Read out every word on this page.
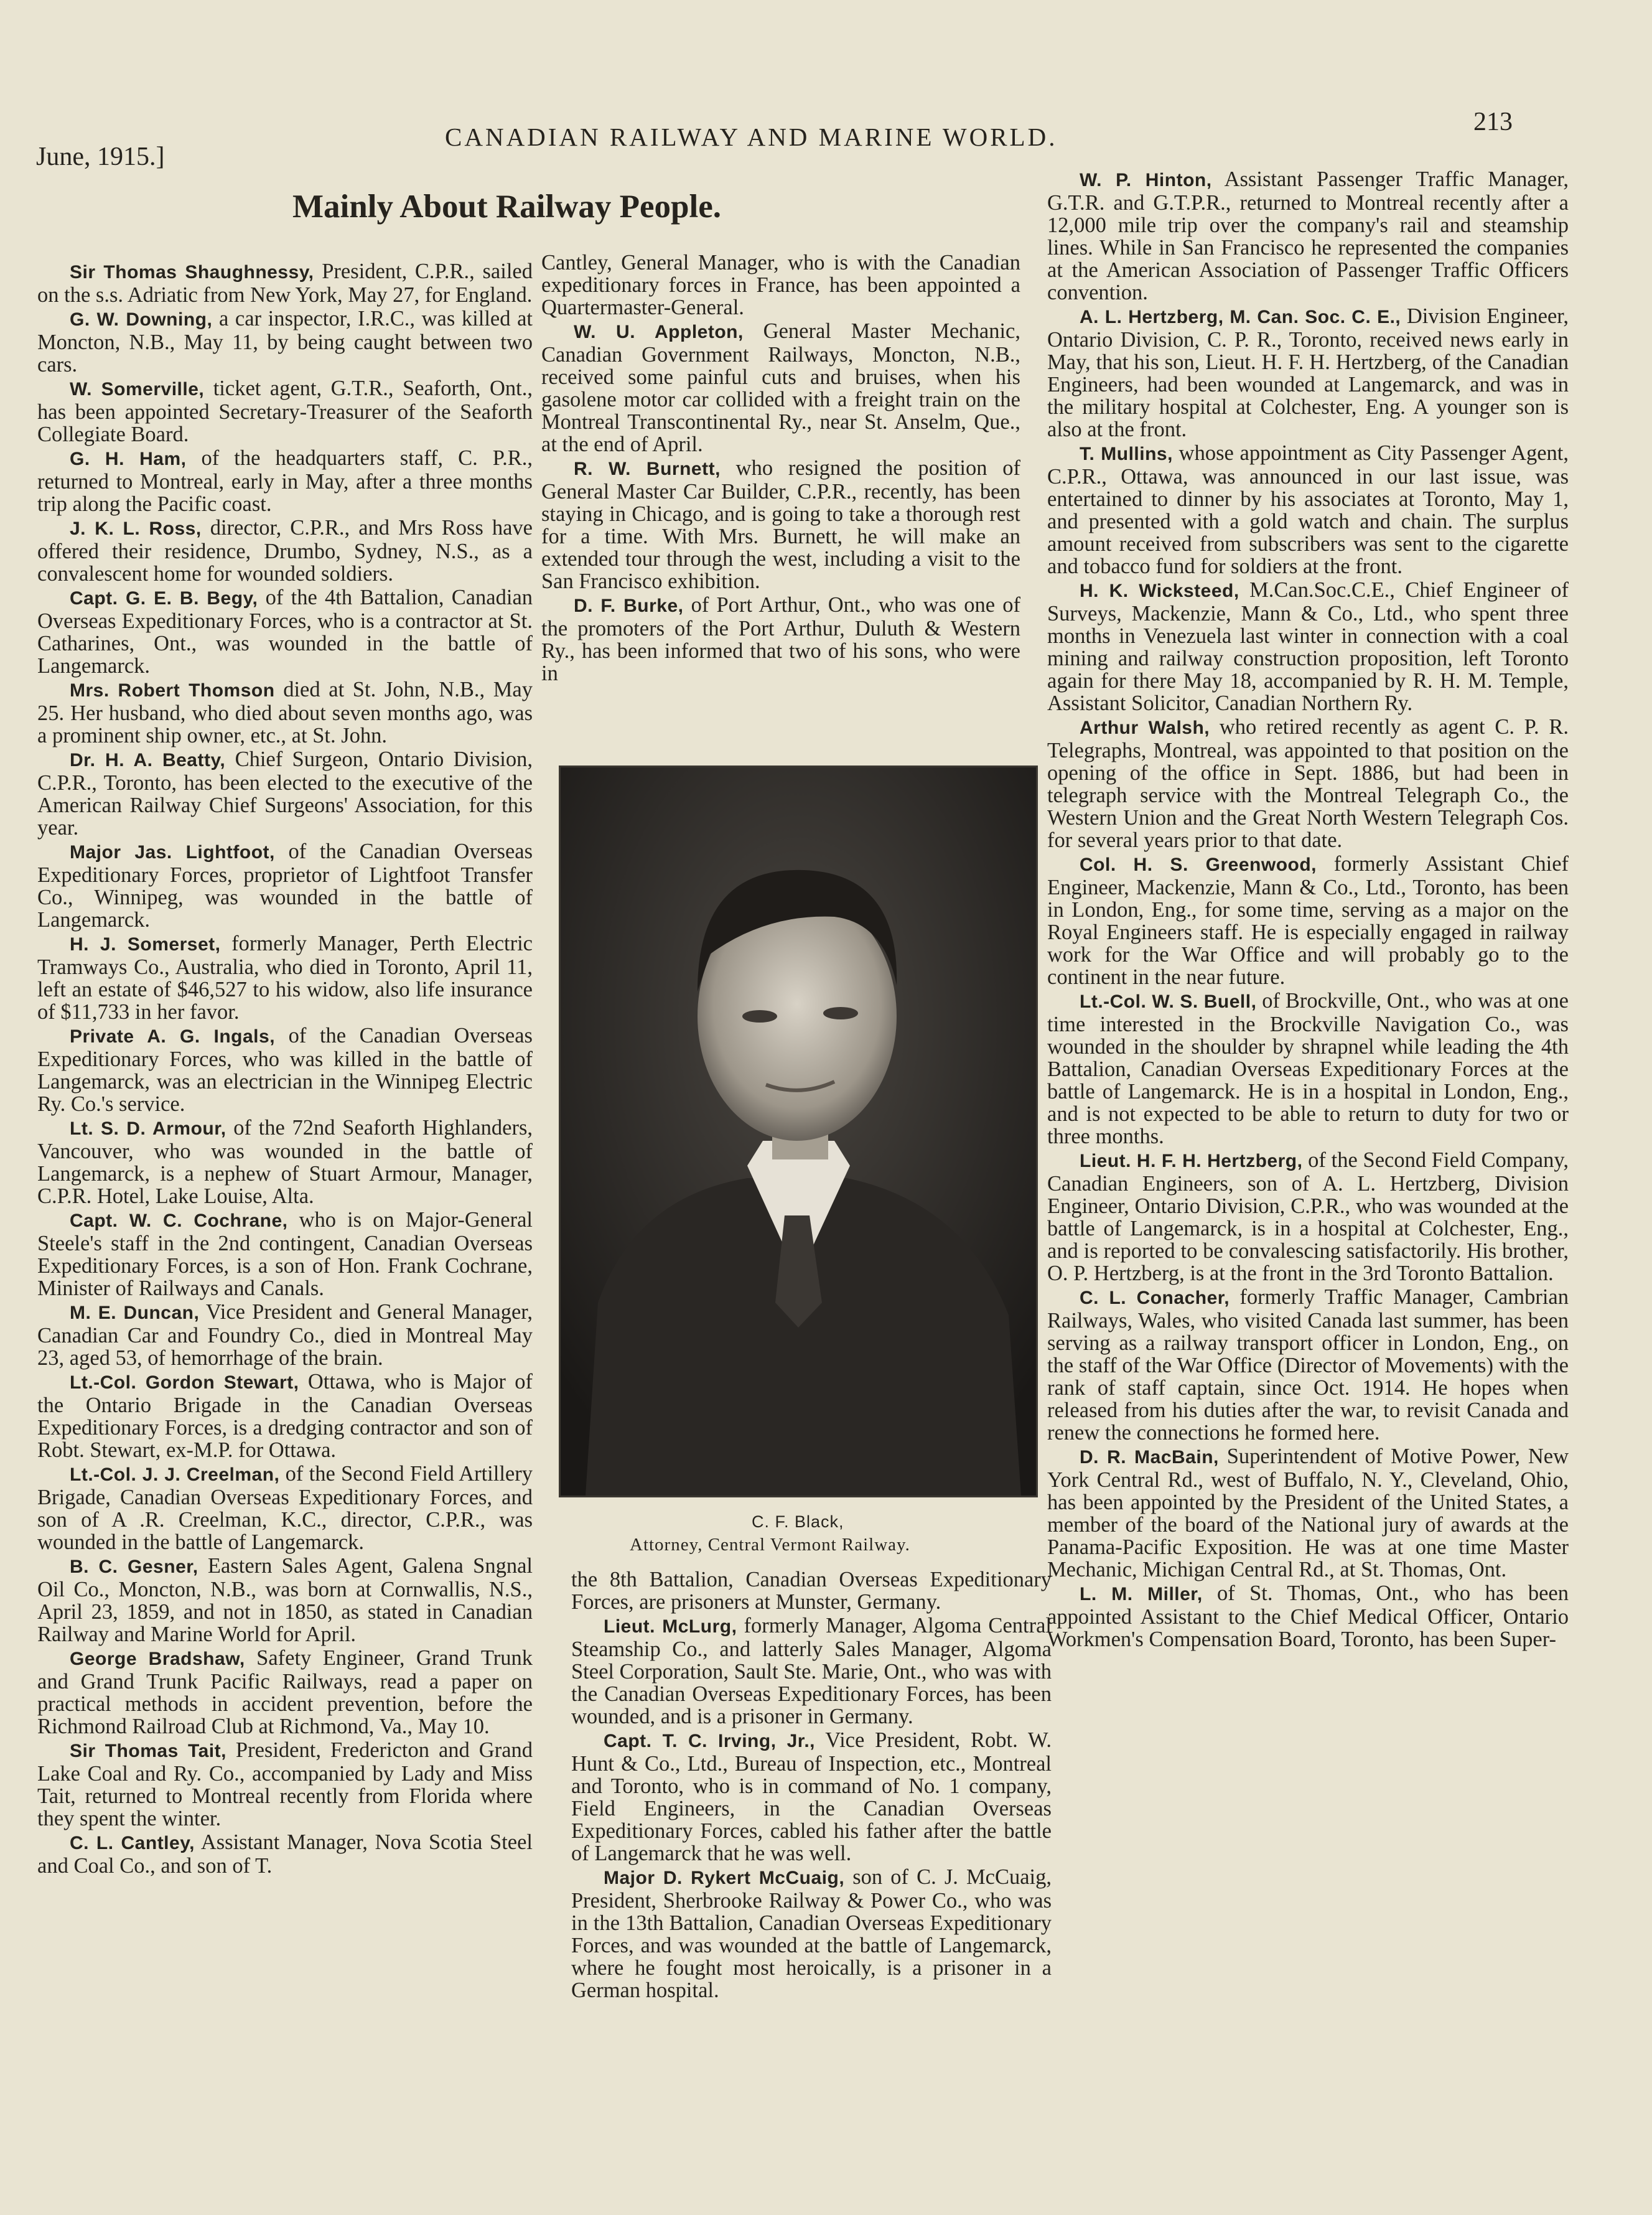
June, 1915.]
CANADIAN RAILWAY AND MARINE WORLD.
213
Mainly About Railway People.

Sir Thomas Shaughnessy, President, C.P.R., sailed on the s.s. Adriatic from New York, May 27, for England.

G. W. Downing, a car inspector, I.R.C., was killed at Moncton, N.B., May 11, by being caught between two cars.

W. Somerville, ticket agent, G.T.R., Seaforth, Ont., has been appointed Secretary-Treasurer of the Seaforth Collegiate Board.

G. H. Ham, of the headquarters staff, C. P.R., returned to Montreal, early in May, after a three months trip along the Pacific coast.

J. K. L. Ross, director, C.P.R., and Mrs Ross have offered their residence, Drumbo, Sydney, N.S., as a convalescent home for wounded soldiers.

Capt. G. E. B. Begy, of the 4th Battalion, Canadian Overseas Expeditionary Forces, who is a contractor at St. Catharines, Ont., was wounded in the battle of Langemarck.

Mrs. Robert Thomson died at St. John, N.B., May 25. Her husband, who died about seven months ago, was a prominent ship owner, etc., at St. John.

Dr. H. A. Beatty, Chief Surgeon, Ontario Division, C.P.R., Toronto, has been elected to the executive of the American Railway Chief Surgeons' Association, for this year.

Major Jas. Lightfoot, of the Canadian Overseas Expeditionary Forces, proprietor of Lightfoot Transfer Co., Winnipeg, was wounded in the battle of Langemarck.

H. J. Somerset, formerly Manager, Perth Electric Tramways Co., Australia, who died in Toronto, April 11, left an estate of $46,527 to his widow, also life insurance of $11,733 in her favor.

Private A. G. Ingals, of the Canadian Overseas Expeditionary Forces, who was killed in the battle of Langemarck, was an electrician in the Winnipeg Electric Ry. Co.'s service.

Lt. S. D. Armour, of the 72nd Seaforth Highlanders, Vancouver, who was wounded in the battle of Langemarck, is a nephew of Stuart Armour, Manager, C.P.R. Hotel, Lake Louise, Alta.

Capt. W. C. Cochrane, who is on Major-General Steele's staff in the 2nd contingent, Canadian Overseas Expeditionary Forces, is a son of Hon. Frank Cochrane, Minister of Railways and Canals.

M. E. Duncan, Vice President and General Manager, Canadian Car and Foundry Co., died in Montreal May 23, aged 53, of hemorrhage of the brain.

Lt.-Col. Gordon Stewart, Ottawa, who is Major of the Ontario Brigade in the Canadian Overseas Expeditionary Forces, is a dredging contractor and son of Robt. Stewart, ex-M.P. for Ottawa.

Lt.-Col. J. J. Creelman, of the Second Field Artillery Brigade, Canadian Overseas Expeditionary Forces, and son of A .R. Creelman, K.C., director, C.P.R., was wounded in the battle of Langemarck.

B. C. Gesner, Eastern Sales Agent, Galena Sngnal Oil Co., Moncton, N.B., was born at Cornwallis, N.S., April 23, 1859, and not in 1850, as stated in Canadian Railway and Marine World for April.

George Bradshaw, Safety Engineer, Grand Trunk and Grand Trunk Pacific Railways, read a paper on practical methods in accident prevention, before the Richmond Railroad Club at Richmond, Va., May 10.

Sir Thomas Tait, President, Fredericton and Grand Lake Coal and Ry. Co., accompanied by Lady and Miss Tait, returned to Montreal recently from Florida where they spent the winter.

C. L. Cantley, Assistant Manager, Nova Scotia Steel and Coal Co., and son of T.

Cantley, General Manager, who is with the Canadian expeditionary forces in France, has been appointed a Quartermaster-General.

W. U. Appleton, General Master Mechanic, Canadian Government Railways, Moncton, N.B., received some painful cuts and bruises, when his gasolene motor car collided with a freight train on the Montreal Transcontinental Ry., near St. Anselm, Que., at the end of April.

R. W. Burnett, who resigned the position of General Master Car Builder, C.P.R., recently, has been staying in Chicago, and is going to take a thorough rest for a time. With Mrs. Burnett, he will make an extended tour through the west, including a visit to the San Francisco exhibition.

D. F. Burke, of Port Arthur, Ont., who was one of the promoters of the Port Arthur, Duluth & Western Ry., has been informed that two of his sons, who were in

C. F. Black,
Attorney, Central Vermont Railway.

the 8th Battalion, Canadian Overseas Expeditionary Forces, are prisoners at Munster, Germany.

Lieut. McLurg, formerly Manager, Algoma Central Steamship Co., and latterly Sales Manager, Algoma Steel Corporation, Sault Ste. Marie, Ont., who was with the Canadian Overseas Expeditionary Forces, has been wounded, and is a prisoner in Germany.

Capt. T. C. Irving, Jr., Vice President, Robt. W. Hunt & Co., Ltd., Bureau of Inspection, etc., Montreal and Toronto, who is in command of No. 1 company, Field Engineers, in the Canadian Overseas Expeditionary Forces, cabled his father after the battle of Langemarck that he was well.

Major D. Rykert McCuaig, son of C. J. McCuaig, President, Sherbrooke Railway & Power Co., who was in the 13th Battalion, Canadian Overseas Expeditionary Forces, and was wounded at the battle of Langemarck, where he fought most heroically, is a prisoner in a German hospital.

W. P. Hinton, Assistant Passenger Traffic Manager, G.T.R. and G.T.P.R., returned to Montreal recently after a 12,000 mile trip over the company's rail and steamship lines. While in San Francisco he represented the companies at the American Association of Passenger Traffic Officers convention.

A. L. Hertzberg, M. Can. Soc. C. E., Division Engineer, Ontario Division, C. P. R., Toronto, received news early in May, that his son, Lieut. H. F. H. Hertzberg, of the Canadian Engineers, had been wounded at Langemarck, and was in the military hospital at Colchester, Eng. A younger son is also at the front.

T. Mullins, whose appointment as City Passenger Agent, C.P.R., Ottawa, was announced in our last issue, was entertained to dinner by his associates at Toronto, May 1, and presented with a gold watch and chain. The surplus amount received from subscribers was sent to the cigarette and tobacco fund for soldiers at the front.

H. K. Wicksteed, M.Can.Soc.C.E., Chief Engineer of Surveys, Mackenzie, Mann & Co., Ltd., who spent three months in Venezuela last winter in connection with a coal mining and railway construction proposition, left Toronto again for there May 18, accompanied by R. H. M. Temple, Assistant Solicitor, Canadian Northern Ry.

Arthur Walsh, who retired recently as agent C. P. R. Telegraphs, Montreal, was appointed to that position on the opening of the office in Sept. 1886, but had been in telegraph service with the Montreal Telegraph Co., the Western Union and the Great North Western Telegraph Cos. for several years prior to that date.

Col. H. S. Greenwood, formerly Assistant Chief Engineer, Mackenzie, Mann & Co., Ltd., Toronto, has been in London, Eng., for some time, serving as a major on the Royal Engineers staff. He is especially engaged in railway work for the War Office and will probably go to the continent in the near future.

Lt.-Col. W. S. Buell, of Brockville, Ont., who was at one time interested in the Brockville Navigation Co., was wounded in the shoulder by shrapnel while leading the 4th Battalion, Canadian Overseas Expeditionary Forces at the battle of Langemarck. He is in a hospital in London, Eng., and is not expected to be able to return to duty for two or three months.

Lieut. H. F. H. Hertzberg, of the Second Field Company, Canadian Engineers, son of A. L. Hertzberg, Division Engineer, Ontario Division, C.P.R., who was wounded at the battle of Langemarck, is in a hospital at Colchester, Eng., and is reported to be convalescing satisfactorily. His brother, O. P. Hertzberg, is at the front in the 3rd Toronto Battalion.

C. L. Conacher, formerly Traffic Manager, Cambrian Railways, Wales, who visited Canada last summer, has been serving as a railway transport officer in London, Eng., on the staff of the War Office (Director of Movements) with the rank of staff captain, since Oct. 1914. He hopes when released from his duties after the war, to revisit Canada and renew the connections he formed here.

D. R. MacBain, Superintendent of Motive Power, New York Central Rd., west of Buffalo, N. Y., Cleveland, Ohio, has been appointed by the President of the United States, a member of the board of the National jury of awards at the Panama-Pacific Exposition. He was at one time Master Mechanic, Michigan Central Rd., at St. Thomas, Ont.

L. M. Miller, of St. Thomas, Ont., who has been appointed Assistant to the Chief Medical Officer, Ontario Workmen's Compensation Board, Toronto, has been Super-
